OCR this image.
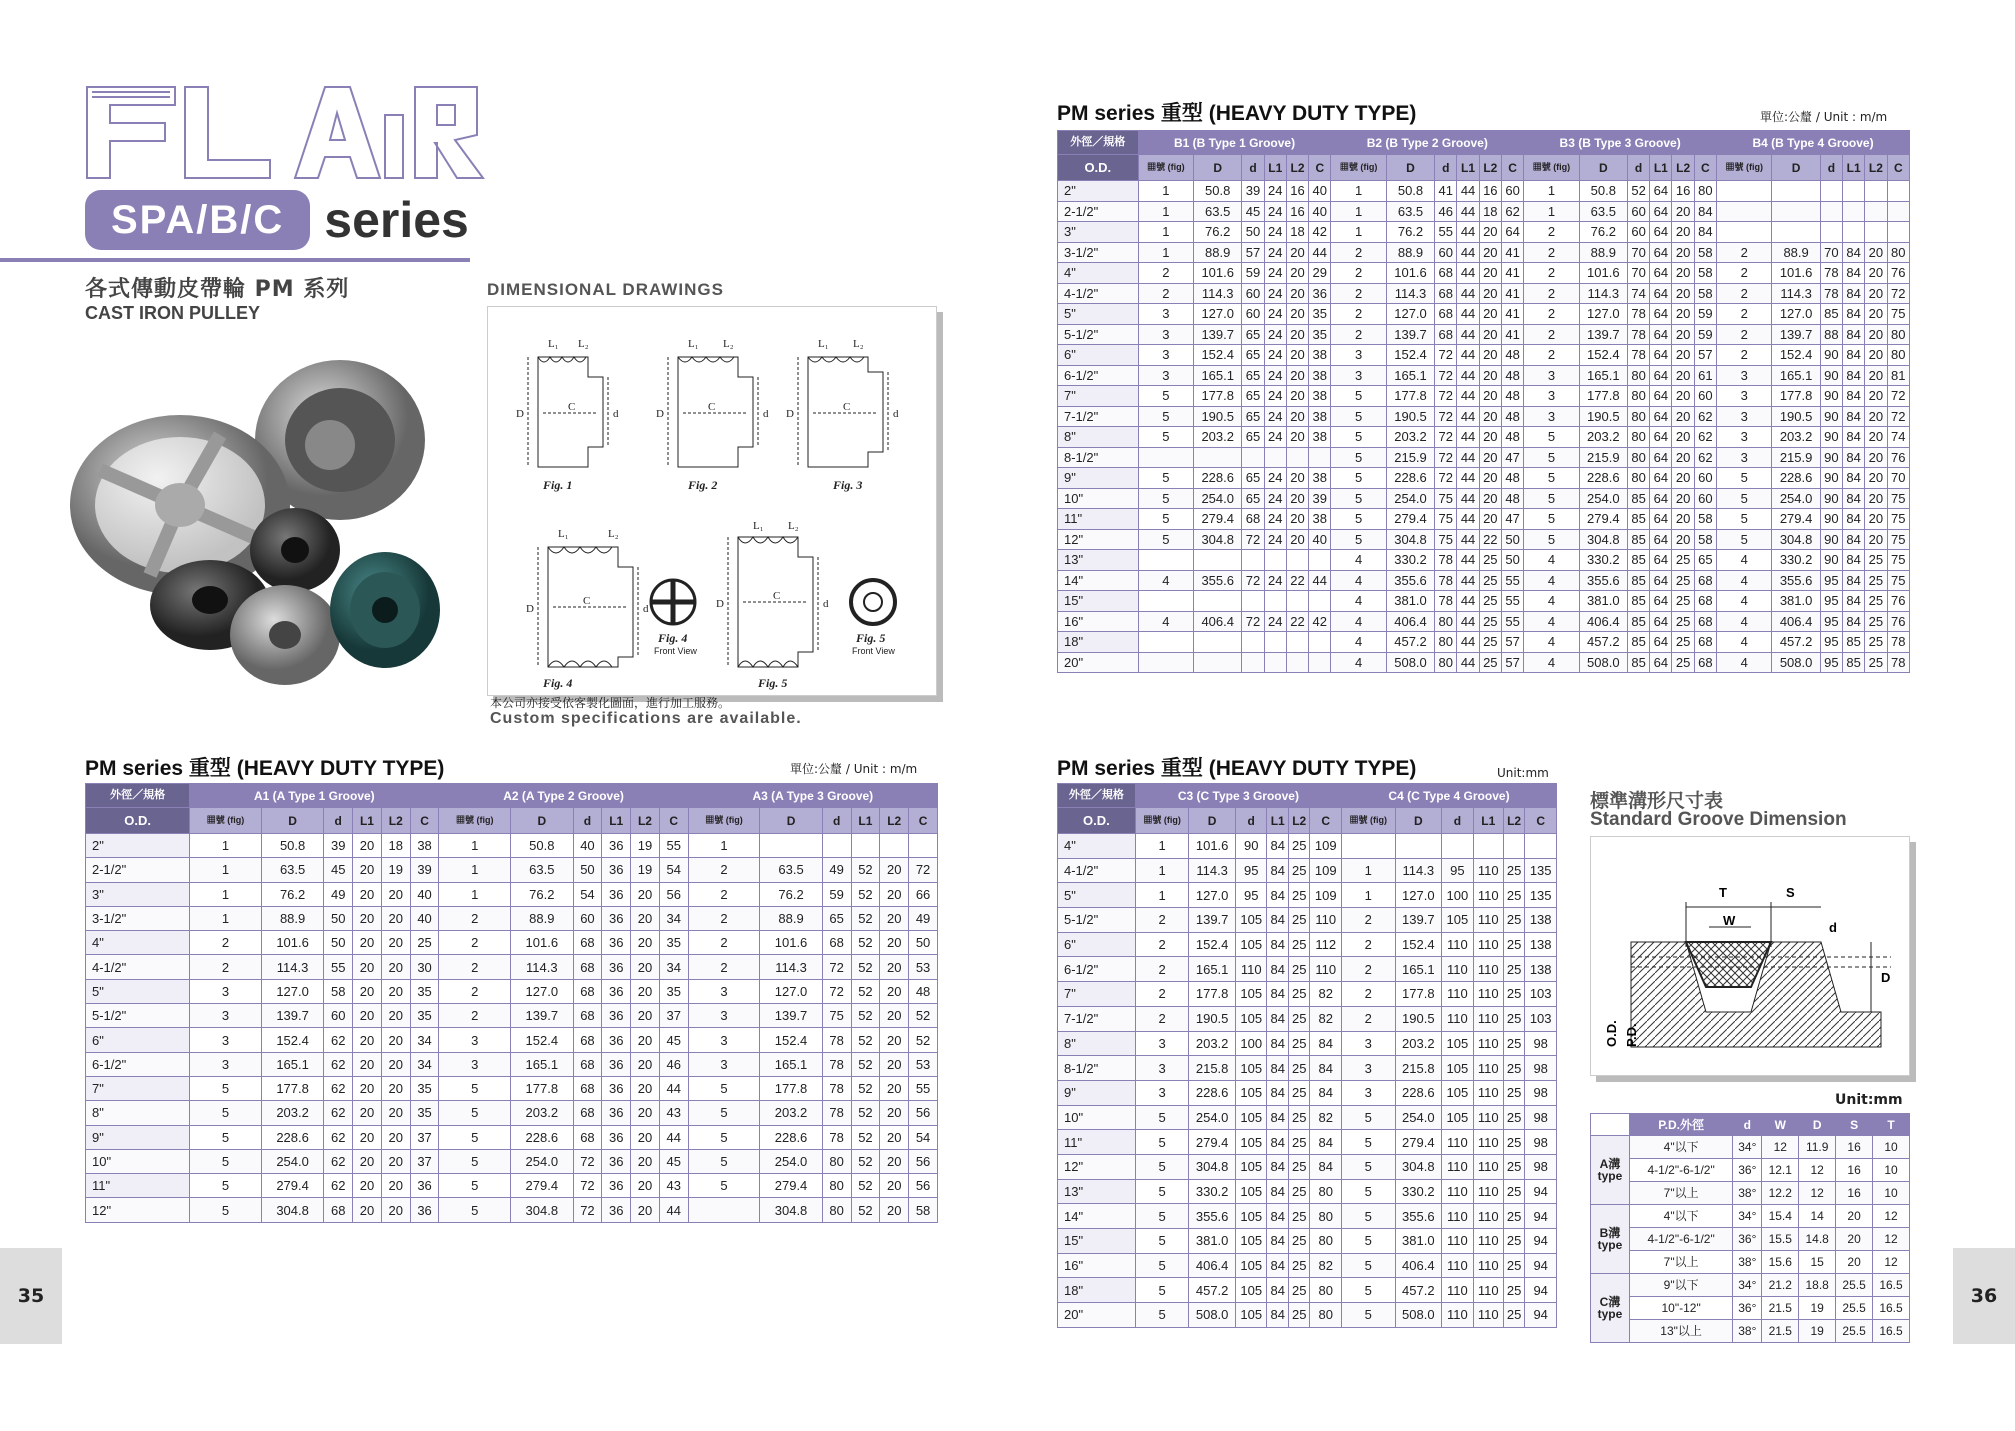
FLAIR
SPA/B/C series
各式傳動皮帶輪 PM 系列
CAST IRON PULLEY
DIMENSIONAL DRAWINGS
L₁ L₂	L₁ L₂	L₁ L₂
L₁	L₂
L₁ L₂
D	d
C
D	d
C
D	d
C
D	d
C	D	d
C
Fig. 1	Fig. 2	Fig. 3
Fig. 4	Fig. 5
Fig. 4	Fig. 5
Front View	Front View
本公司亦接受依客製化圖面，進行加工服務。
Custom specifications are available.
PM series 重型 (HEAVY DUTY TYPE)	單位:公釐 / Unit : m/m
外徑／規格	A1 (A Type 1 Groove)						A2 (A Type 2 Groove)						A3 (A Type 3 Groove)					
O.D.	▦號 (fig)	D	d	L1	L2	C	▦號 (fig)	D	d	L1	L2	C	▦號 (fig)	D	d	L1	L2	C
2"	1	50.8	39	20	18	38	1	50.8	40	36	19	55	1					
2-1/2"	1	63.5	45	20	19	39	1	63.5	50	36	19	54	2	63.5	49	52	20	72
3"	1	76.2	49	20	20	40	1	76.2	54	36	20	56	2	76.2	59	52	20	66
3-1/2"	1	88.9	50	20	20	40	2	88.9	60	36	20	34	2	88.9	65	52	20	49
4"	2	101.6	50	20	20	25	2	101.6	68	36	20	35	2	101.6	68	52	20	50
4-1/2"	2	114.3	55	20	20	30	2	114.3	68	36	20	34	2	114.3	72	52	20	53
5"	3	127.0	58	20	20	35	2	127.0	68	36	20	35	3	127.0	72	52	20	48
5-1/2"	3	139.7	60	20	20	35	2	139.7	68	36	20	37	3	139.7	75	52	20	52
6"	3	152.4	62	20	20	34	3	152.4	68	36	20	45	3	152.4	78	52	20	52
6-1/2"	3	165.1	62	20	20	34	3	165.1	68	36	20	46	3	165.1	78	52	20	53
7"	5	177.8	62	20	20	35	5	177.8	68	36	20	44	5	177.8	78	52	20	55
8"	5	203.2	62	20	20	35	5	203.2	68	36	20	43	5	203.2	78	52	20	56
9"	5	228.6	62	20	20	37	5	228.6	68	36	20	44	5	228.6	78	52	20	54
10"	5	254.0	62	20	20	37	5	254.0	72	36	20	45	5	254.0	80	52	20	56
11"	5	279.4	62	20	20	36	5	279.4	72	36	20	43	5	279.4	80	52	20	56
12"	5	304.8	68	20	20	36	5	304.8	72	36	20	44		304.8	80	52	20	58
PM series 重型 (HEAVY DUTY TYPE)	單位:公釐 / Unit : m/m
外徑／規格	B1 (B Type 1 Groove)						B2 (B Type 2 Groove)						B3 (B Type 3 Groove)						B4 (B Type 4 Groove)					
O.D.	▦號 (fig)	D	d	L1	L2	C	▦號 (fig)	D	d	L1	L2	C	▦號 (fig)	D	d	L1	L2	C	▦號 (fig)	D	d	L1	L2	C
2"	1	50.8	39	24	16	40	1	50.8	41	44	16	60	1	50.8	52	64	16	80						
2-1/2"	1	63.5	45	24	16	40	1	63.5	46	44	18	62	1	63.5	60	64	20	84						
3"	1	76.2	50	24	18	42	1	76.2	55	44	20	64	2	76.2	60	64	20	84						
3-1/2"	1	88.9	57	24	20	44	2	88.9	60	44	20	41	2	88.9	70	64	20	58	2	88.9	70	84	20	80
4"	2	101.6	59	24	20	29	2	101.6	68	44	20	41	2	101.6	70	64	20	58	2	101.6	78	84	20	76
4-1/2"	2	114.3	60	24	20	36	2	114.3	68	44	20	41	2	114.3	74	64	20	58	2	114.3	78	84	20	72
5"	3	127.0	60	24	20	35	2	127.0	68	44	20	41	2	127.0	78	64	20	59	2	127.0	85	84	20	75
5-1/2"	3	139.7	65	24	20	35	2	139.7	68	44	20	41	2	139.7	78	64	20	59	2	139.7	88	84	20	80
6"	3	152.4	65	24	20	38	3	152.4	72	44	20	48	2	152.4	78	64	20	57	2	152.4	90	84	20	80
6-1/2"	3	165.1	65	24	20	38	3	165.1	72	44	20	48	3	165.1	80	64	20	61	3	165.1	90	84	20	81
7"	5	177.8	65	24	20	38	5	177.8	72	44	20	48	3	177.8	80	64	20	60	3	177.8	90	84	20	72
7-1/2"	5	190.5	65	24	20	38	5	190.5	72	44	20	48	3	190.5	80	64	20	62	3	190.5	90	84	20	72
8"	5	203.2	65	24	20	38	5	203.2	72	44	20	48	5	203.2	80	64	20	62	3	203.2	90	84	20	74
8-1/2"							5	215.9	72	44	20	47	5	215.9	80	64	20	62	3	215.9	90	84	20	76
9"	5	228.6	65	24	20	38	5	228.6	72	44	20	48	5	228.6	80	64	20	60	5	228.6	90	84	20	70
10"	5	254.0	65	24	20	39	5	254.0	75	44	20	48	5	254.0	85	64	20	60	5	254.0	90	84	20	75
11"	5	279.4	68	24	20	38	5	279.4	75	44	20	47	5	279.4	85	64	20	58	5	279.4	90	84	20	75
12"	5	304.8	72	24	20	40	5	304.8	75	44	22	50	5	304.8	85	64	20	58	5	304.8	90	84	20	75
13"							4	330.2	78	44	25	50	4	330.2	85	64	25	65	4	330.2	90	84	25	75
14"	4	355.6	72	24	22	44	4	355.6	78	44	25	55	4	355.6	85	64	25	68	4	355.6	95	84	25	75
15"							4	381.0	78	44	25	55	4	381.0	85	64	25	68	4	381.0	95	84	25	76
16"	4	406.4	72	24	22	42	4	406.4	80	44	25	55	4	406.4	85	64	25	68	4	406.4	95	84	25	76
18"							4	457.2	80	44	25	57	4	457.2	85	64	25	68	4	457.2	95	85	25	78
20"							4	508.0	80	44	25	57	4	508.0	85	64	25	68	4	508.0	95	85	25	78
PM series 重型 (HEAVY DUTY TYPE)	Unit:mm
外徑／規格	C3 (C Type 3 Groove)						C4 (C Type 4 Groove)					
O.D.	▦號 (fig)	D	d	L1	L2	C	▦號 (fig)	D	d	L1	L2	C
4"	1	101.6	90	84	25	109						
4-1/2"	1	114.3	95	84	25	109	1	114.3	95	110	25	135
5"	1	127.0	95	84	25	109	1	127.0	100	110	25	135
5-1/2"	2	139.7	105	84	25	110	2	139.7	105	110	25	138
6"	2	152.4	105	84	25	112	2	152.4	110	110	25	138
6-1/2"	2	165.1	110	84	25	110	2	165.1	110	110	25	138
7"	2	177.8	105	84	25	82	2	177.8	110	110	25	103
7-1/2"	2	190.5	105	84	25	82	2	190.5	110	110	25	103
8"	3	203.2	100	84	25	84	3	203.2	105	110	25	98
8-1/2"	3	215.8	105	84	25	84	3	215.8	105	110	25	98
9"	3	228.6	105	84	25	84	3	228.6	105	110	25	98
10"	5	254.0	105	84	25	82	5	254.0	105	110	25	98
11"	5	279.4	105	84	25	84	5	279.4	110	110	25	98
12"	5	304.8	105	84	25	84	5	304.8	110	110	25	98
13"	5	330.2	105	84	25	80	5	330.2	110	110	25	94
14"	5	355.6	105	84	25	80	5	355.6	110	110	25	94
15"	5	381.0	105	84	25	80	5	381.0	110	110	25	94
16"	5	406.4	105	84	25	82	5	406.4	110	110	25	94
18"	5	457.2	105	84	25	80	5	457.2	110	110	25	94
20"	5	508.0	105	84	25	80	5	508.0	110	110	25	94
標準溝形尺寸表
Standard Groove Dimension
T	S
W	d
D
O.D. P.D.
Unit:mm
	P.D.外徑	d	W	D	S	T

A溝
type	4"以下	34°	12	11.9	16	10
	4-1/2"-6-1/2"	36°	12.1	12	16	10
	7"以上	38°	12.2	12	16	10

B溝
type	4"以下	34°	15.4	14	20	12
	4-1/2"-6-1/2"	36°	15.5	14.8	20	12
	7"以上	38°	15.6	15	20	12

C溝
type	9"以下	34°	21.2	18.8	25.5	16.5
	10"-12"	36°	21.5	19	25.5	16.5
	13"以上	38°	21.5	19	25.5	16.5
35	36
